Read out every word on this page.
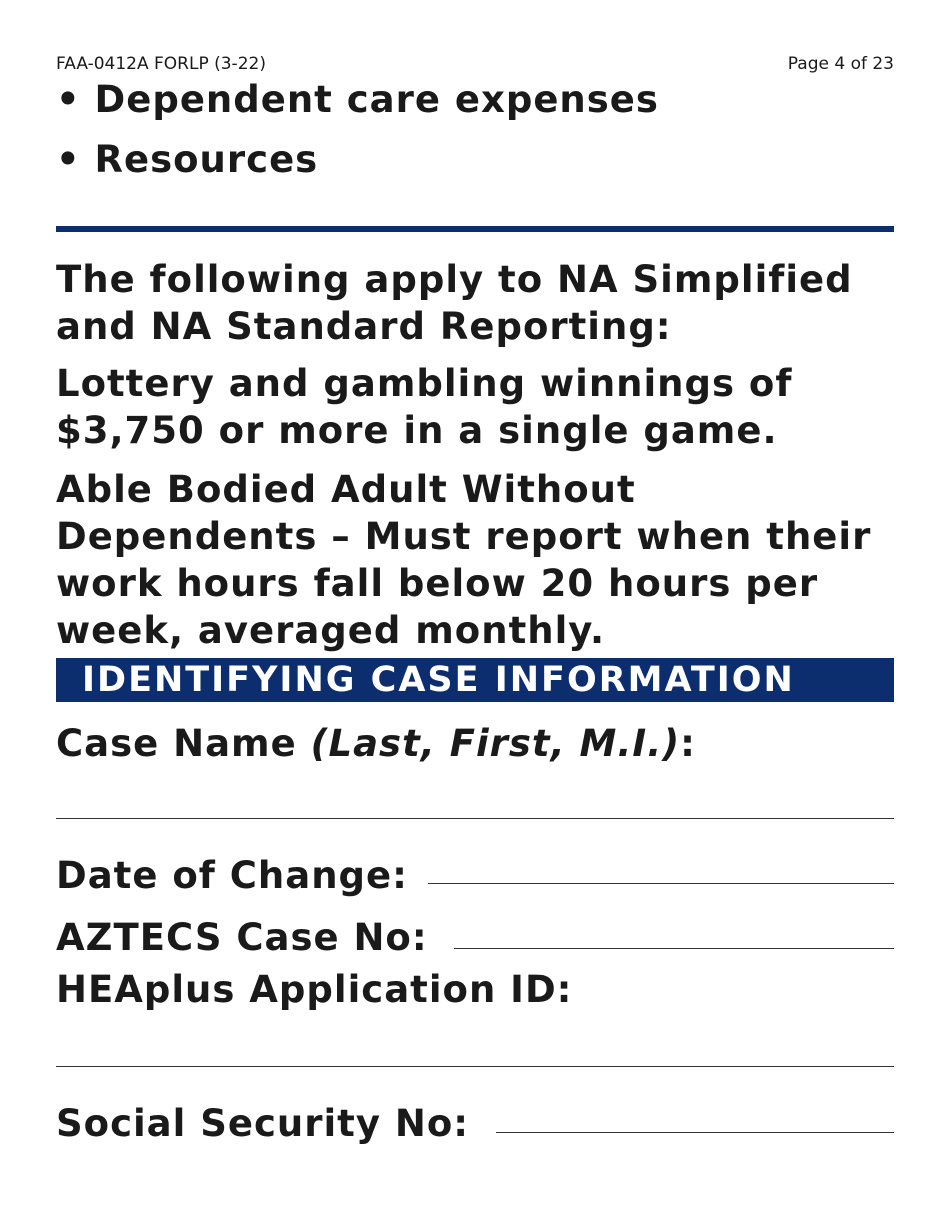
FAA-0412A FORLP (3-22)	Page 4 of 23
• Dependent care expenses
• Resources

The following apply to NA Simplified and NA Standard Reporting:

Lottery and gambling winnings of $3,750 or more in a single game.

Able Bodied Adult Without Dependents – Must report when their work hours fall below 20 hours per week, averaged monthly.

IDENTIFYING CASE INFORMATION
Case Name (Last, First, M.I.):
Date of Change:
AZTECS Case No:
HEAplus Application ID:
Social Security No:
